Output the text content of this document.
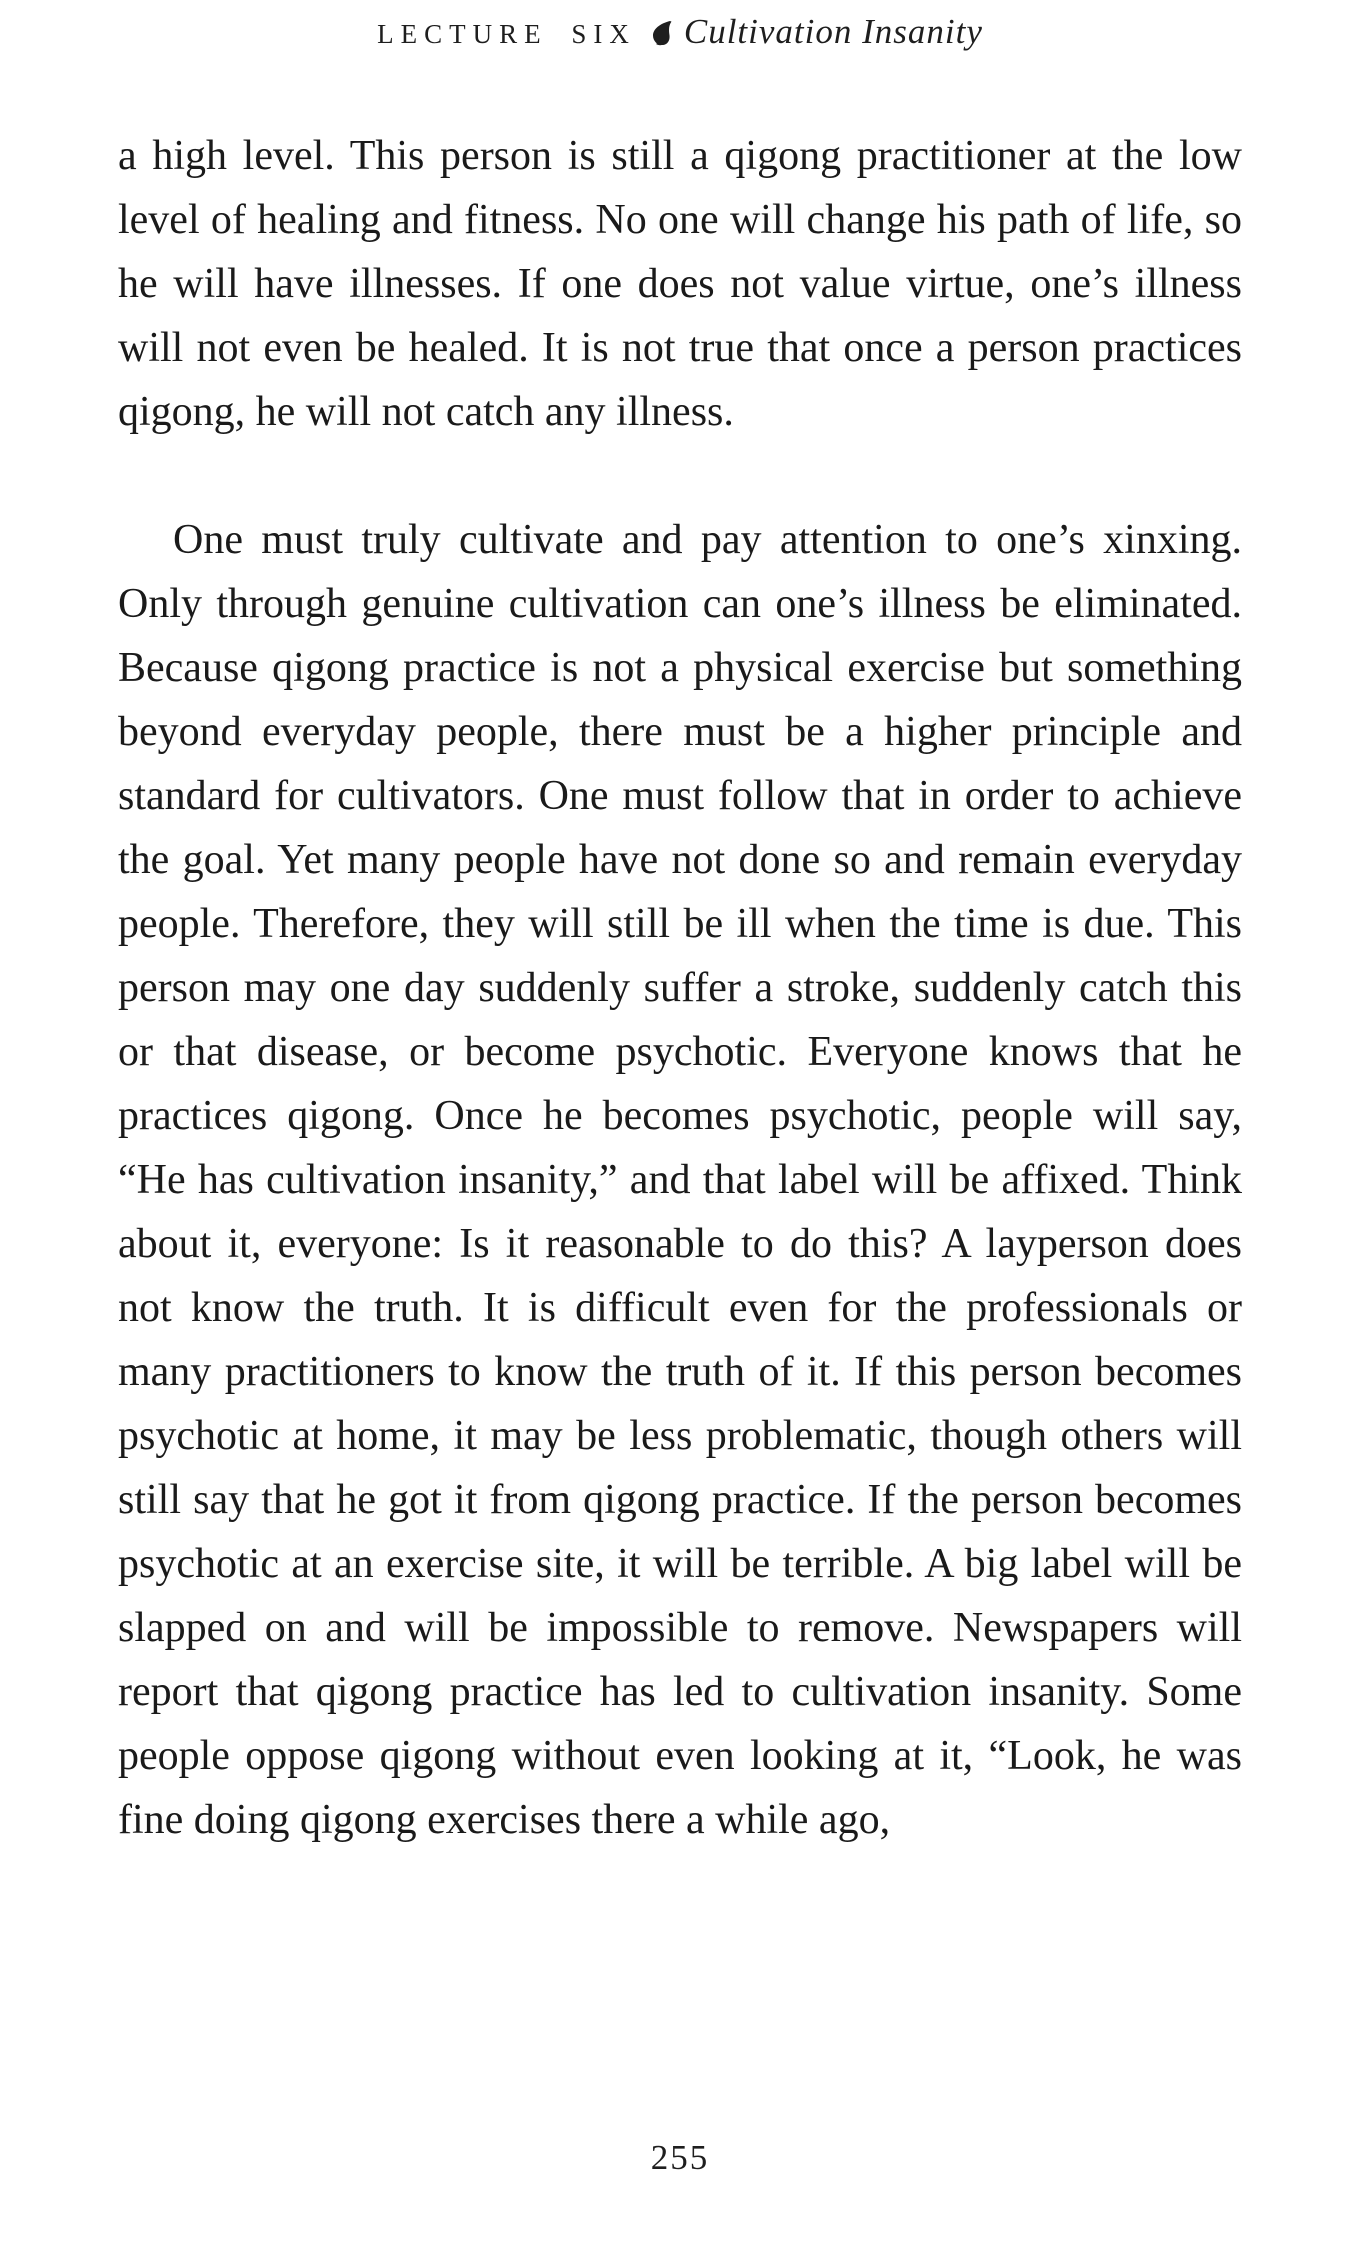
LECTURE SIX Cultivation Insanity

a high level. This person is still a qigong practitioner at the low level of healing and fitness. No one will change his path of life, so he will have illnesses. If one does not value virtue, one’s illness will not even be healed. It is not true that once a person practices qigong, he will not catch any illness.

One must truly cultivate and pay attention to one’s xinxing. Only through genuine cultivation can one’s illness be eliminated. Because qigong practice is not a physical exercise but something beyond everyday people, there must be a higher principle and standard for cultivators. One must follow that in order to achieve the goal. Yet many people have not done so and remain everyday people. Therefore, they will still be ill when the time is due. This person may one day suddenly suffer a stroke, suddenly catch this or that disease, or become psychotic. Everyone knows that he practices qigong. Once he becomes psychotic, people will say, “He has cultivation insanity,” and that label will be affixed. Think about it, everyone: Is it reasonable to do this? A layperson does not know the truth. It is difficult even for the professionals or many practitioners to know the truth of it. If this person becomes psychotic at home, it may be less problematic, though others will still say that he got it from qigong practice. If the person becomes psychotic at an exercise site, it will be terrible. A big label will be slapped on and will be impossible to remove. Newspapers will report that qigong practice has led to cultivation insanity. Some people oppose qigong without even looking at it, “Look, he was fine doing qigong exercises there a while ago,

255
